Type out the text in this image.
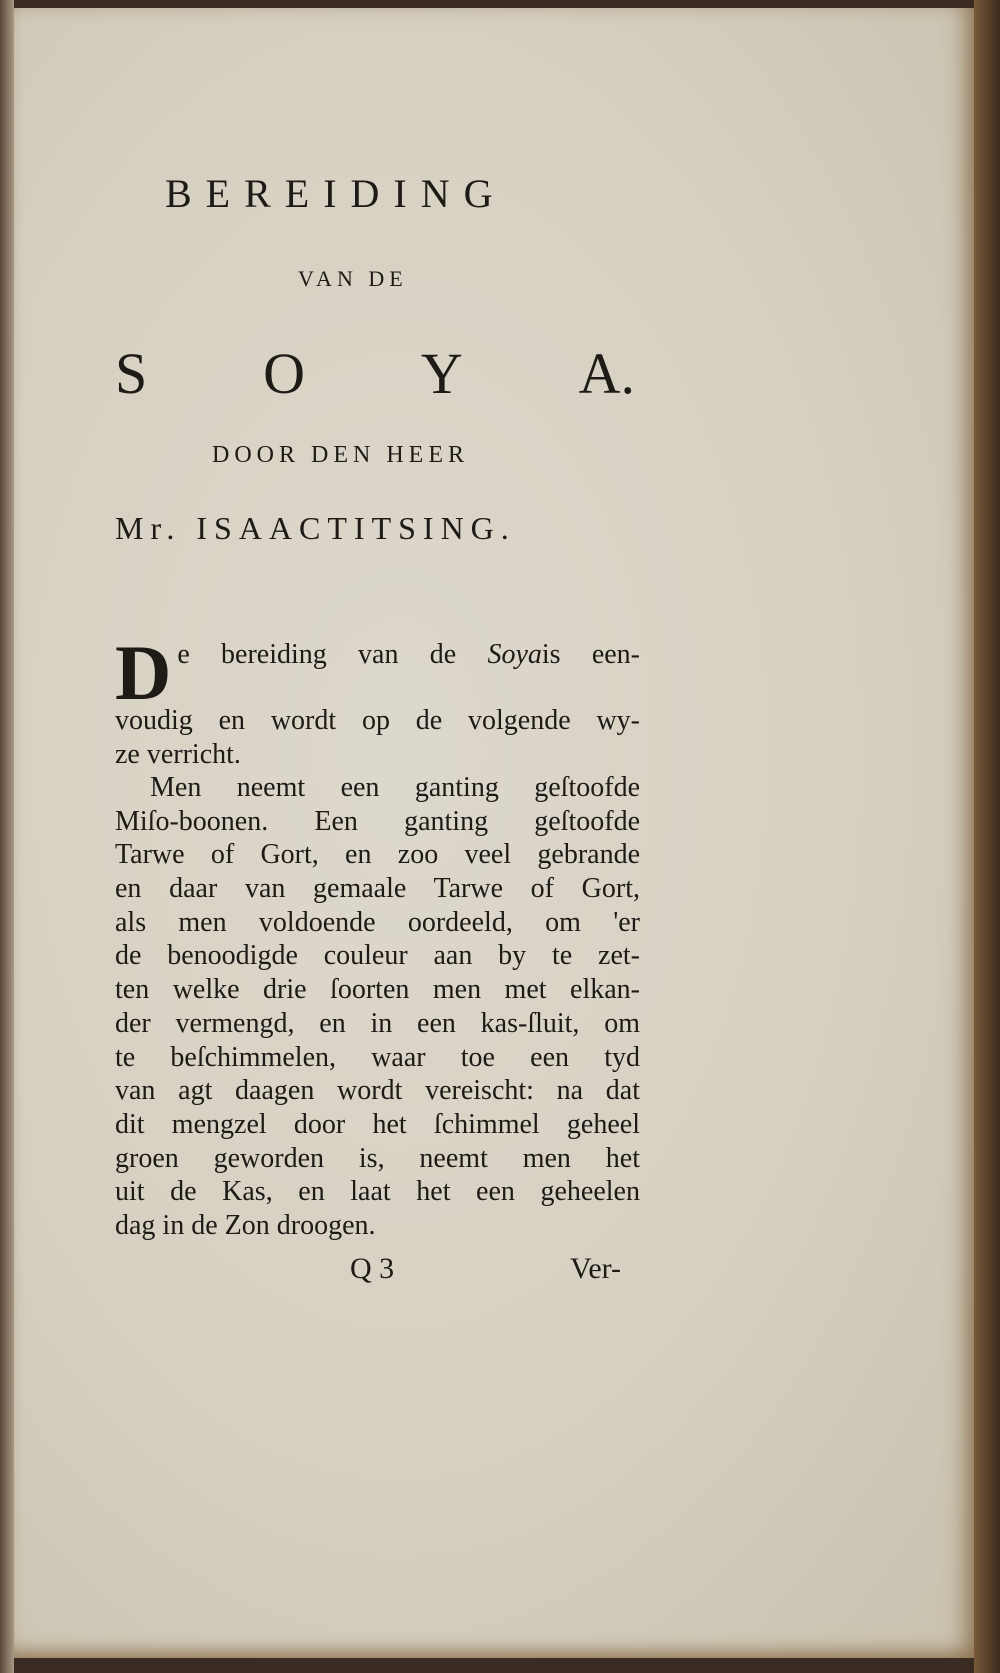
BEREIDING
VAN DE
S O Y A.
DOOR DEN HEER
Mr. ISAACTITSING.
D e bereiding van de Soyais een-
voudig en wordt op de volgende wy-
ze verricht.
Men neemt een ganting geſtoofde
Miſo-boonen. Een ganting geſtoofde
Tarwe of Gort, en zoo veel gebrande
en daar van gemaale Tarwe of Gort,
als men voldoende oordeeld, om 'er
de benoodigde couleur aan by te zet-
ten welke drie ſoorten men met elkan-
der vermengd, en in een kas-ſluit, om
te beſchimmelen, waar toe een tyd
van agt daagen wordt vereischt: na dat
dit mengzel door het ſchimmel geheel
groen geworden is, neemt men het
uit de Kas, en laat het een geheelen
dag in de Zon droogen.
Q 3	Ver-
